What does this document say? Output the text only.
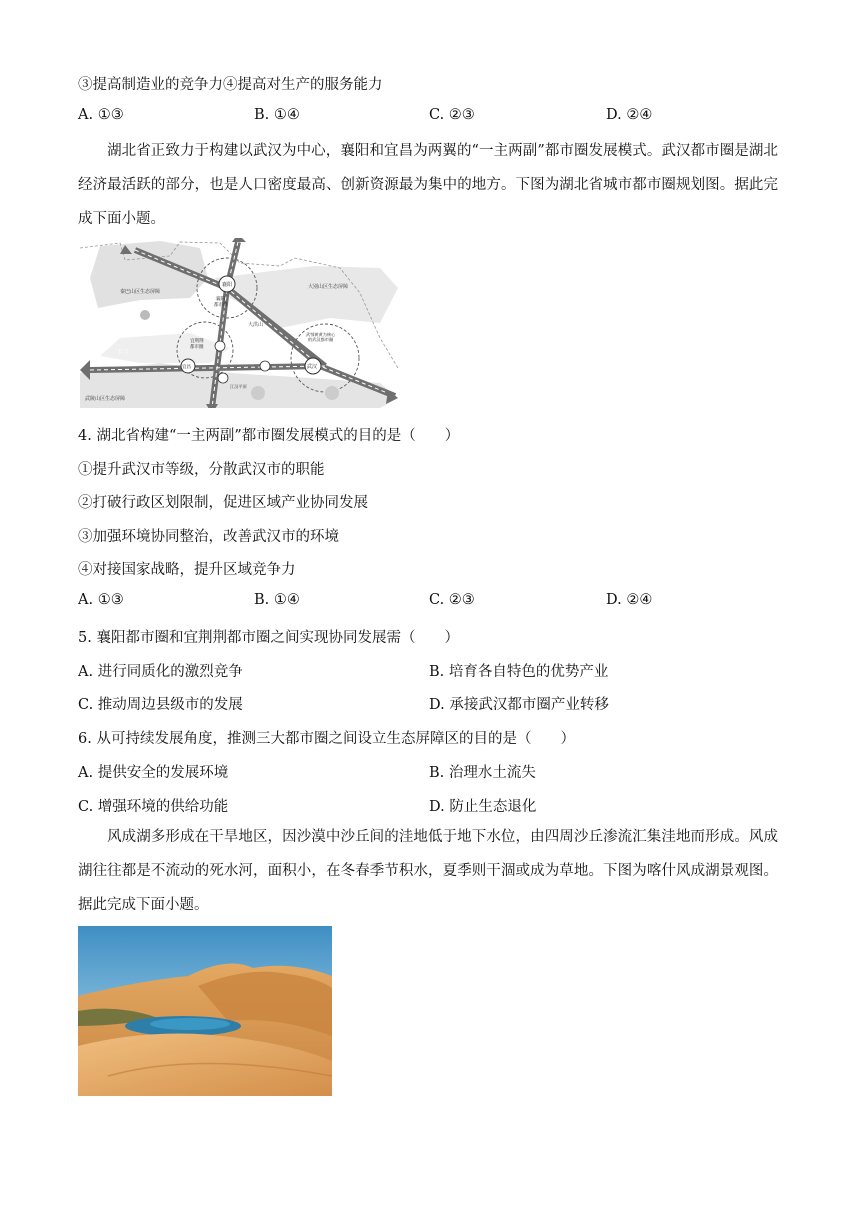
③提高制造业的竞争力④提高对生产的服务能力
A. ①③	B. ①④	C. ②③	D. ②④
湖北省正致力于构建以武汉为中心，襄阳和宜昌为两翼的“一主两副”都市圈发展模式。武汉都市圈是湖北经济最活跃的部分，也是人口密度最高、创新资源最为集中的地方。下图为湖北省城市都市圈规划图。据此完成下面小题。
襄阳
襄阳都市圈
秦巴山区生态屏障
大别山区生态屏障
大洪山
宜荆荆都市圈
武鄂黄黄为核心的武汉都市圈
武汉
宜昌
长 江
武陵山区生态屏障
江汉平原
4. 湖北省构建“一主两副”都市圈发展模式的目的是（　　）
①提升武汉市等级，分散武汉市的职能
②打破行政区划限制，促进区域产业协同发展
③加强环境协同整治，改善武汉市的环境
④对接国家战略，提升区域竞争力
A. ①③	B. ①④	C. ②③	D. ②④
5. 襄阳都市圈和宜荆荆都市圈之间实现协同发展需（　　）
A. 进行同质化的激烈竞争	B. 培育各自特色的优势产业
C. 推动周边县级市的发展	D. 承接武汉都市圈产业转移
6. 从可持续发展角度，推测三大都市圈之间设立生态屏障区的目的是（　　）
A. 提供安全的发展环境	B. 治理水土流失
C. 增强环境的供给功能	D. 防止生态退化
风成湖多形成在干旱地区，因沙漠中沙丘间的洼地低于地下水位，由四周沙丘渗流汇集洼地而形成。风成湖往往都是不流动的死水河，面积小，在冬春季节积水，夏季则干涸或成为草地。下图为喀什风成湖景观图。据此完成下面小题。
